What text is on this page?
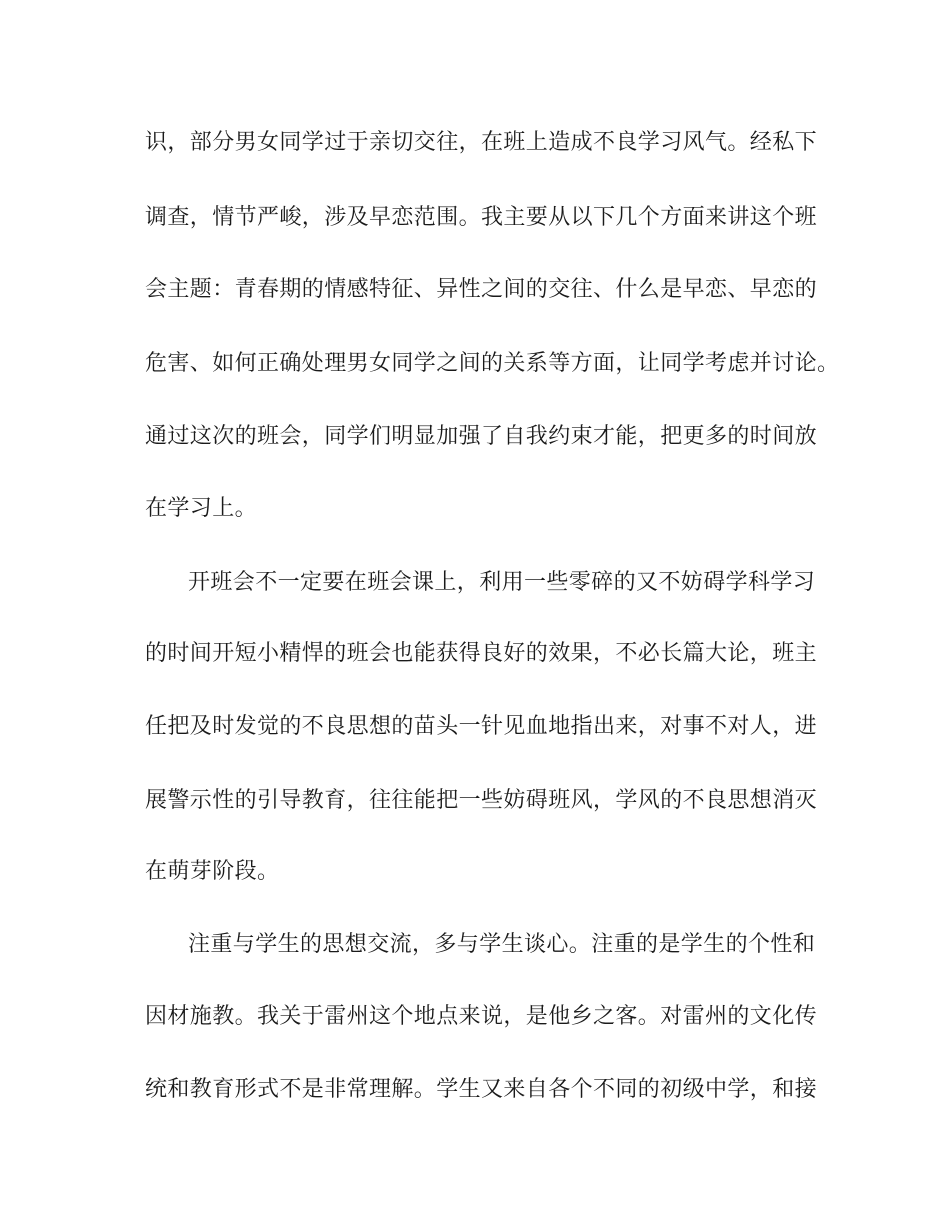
识，部分男女同学过于亲切交往，在班上造成不良学习风气。经私下
调查，情节严峻，涉及早恋范围。我主要从以下几个方面来讲这个班
会主题：青春期的情感特征、异性之间的交往、什么是早恋、早恋的
危害、如何正确处理男女同学之间的关系等方面，让同学考虑并讨论。
通过这次的班会，同学们明显加强了自我约束才能，把更多的时间放
在学习上。
开班会不一定要在班会课上，利用一些零碎的又不妨碍学科学习
的时间开短小精悍的班会也能获得良好的效果，不必长篇大论，班主
任把及时发觉的不良思想的苗头一针见血地指出来，对事不对人，进
展警示性的引导教育，往往能把一些妨碍班风，学风的不良思想消灭
在萌芽阶段。
注重与学生的思想交流，多与学生谈心。注重的是学生的个性和
因材施教。我关于雷州这个地点来说，是他乡之客。对雷州的文化传
统和教育形式不是非常理解。学生又来自各个不同的初级中学，和接
